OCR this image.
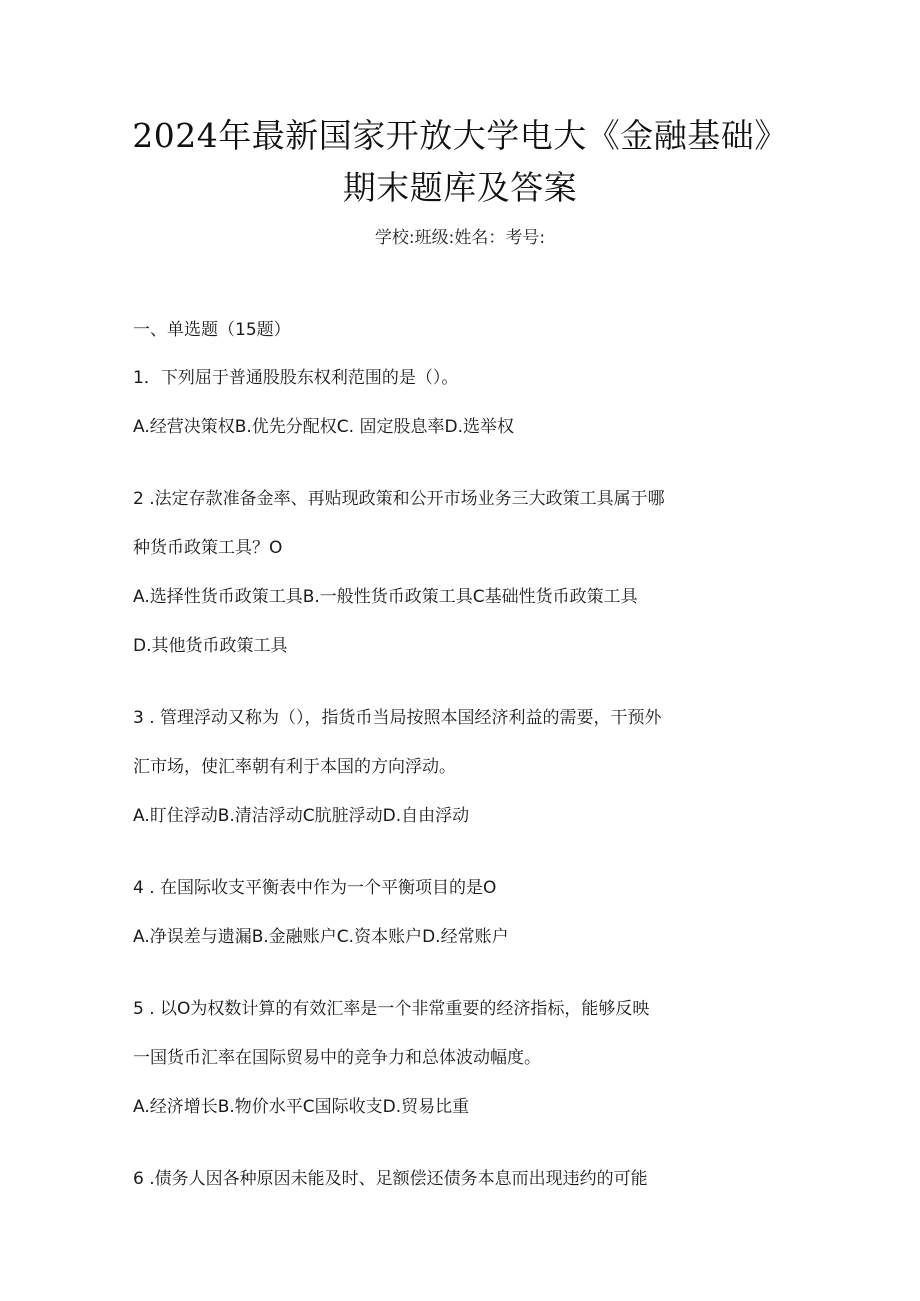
2024年最新国家开放大学电大《金融基础》
期末题库及答案
学校:班级:姓名：考号:

一、单选题（15题）

1．下列屈于普通股股东权利范围的是（）。

A.经营决策权B.优先分配权C. 固定股息率D.选举权

2 .法定存款准备金率、再贴现政策和公开市场业务三大政策工具属于哪

种货币政策工具？O

A.选择性货币政策工具B.一般性货币政策工具C基础性货币政策工具

D.其他货币政策工具

3 . 管理浮动又称为（），指货币当局按照本国经济利益的需要，干预外

汇市场，使汇率朝有利于本国的方向浮动。

A.盯住浮动B.清洁浮动C肮脏浮动D.自由浮动

4 . 在国际收支平衡表中作为一个平衡项目的是O

A.净误差与遗漏B.金融账户C.资本账户D.经常账户

5 . 以O为权数计算的有效汇率是一个非常重要的经济指标，能够反映

一国货币汇率在国际贸易中的竞争力和总体波动幅度。

A.经济增长B.物价水平C国际收支D.贸易比重

6 .债务人因各种原因未能及时、足额偿还债务本息而出现违约的可能
